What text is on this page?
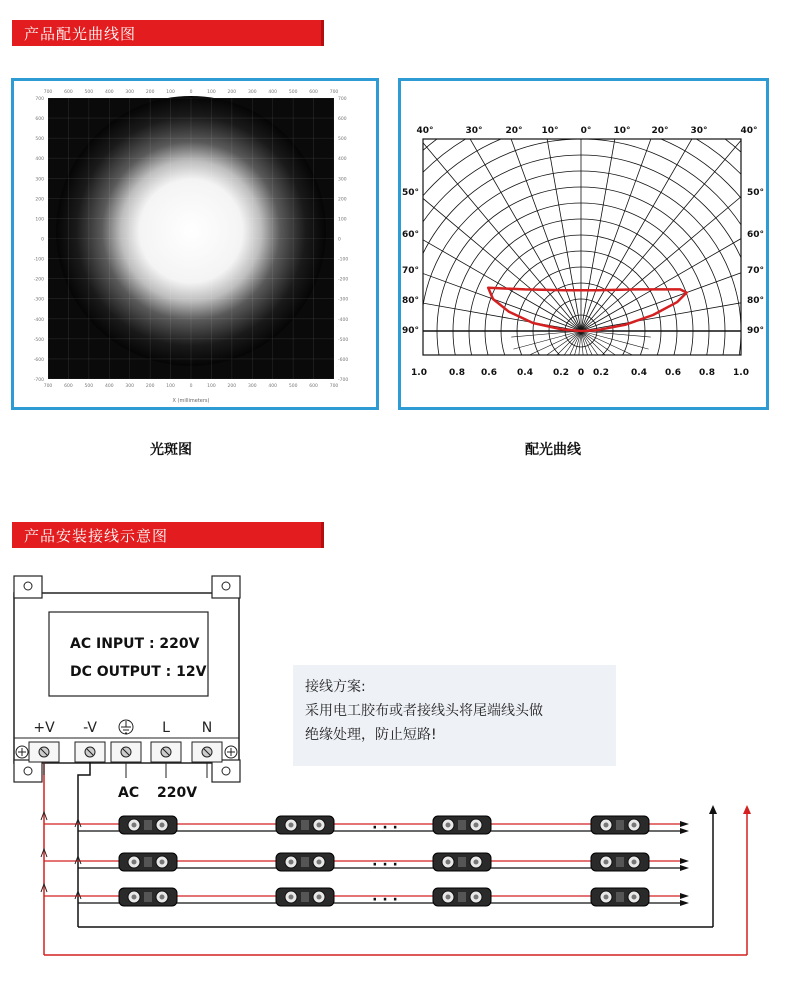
产品配光曲线图
700
700
600
600
500
500
400
400
300
300
200
200
100
100
0
0
100
100
200
200
300
300
400
400
500
500
600
600
700
700
700	700
600	600
500	500
400	400
300	300
200	200
100	100
0	0
-100	-100
-200	-200
-300	-300
-400	-400
-500	-500
-600	-600
-700	-700
X (millimeters)
40°	30°	20° 10° 0° 10° 20° 30°	40°
50°	50°
60°	60°
70°	70°
80°	80°
90°	90°
1.0 0.8 0.6 0.4 0.2 0 0.2 0.4 0.6 0.8 1.0
光斑图	配光曲线
产品安装接线示意图
AC INPUT : 220V
DC OUTPUT : 12V
+V -V	L N
AC 220V
· · ·
· · ·
· · ·
接线方案:
采用电工胶布或者接线头将尾端线头做
绝缘处理，防止短路!
